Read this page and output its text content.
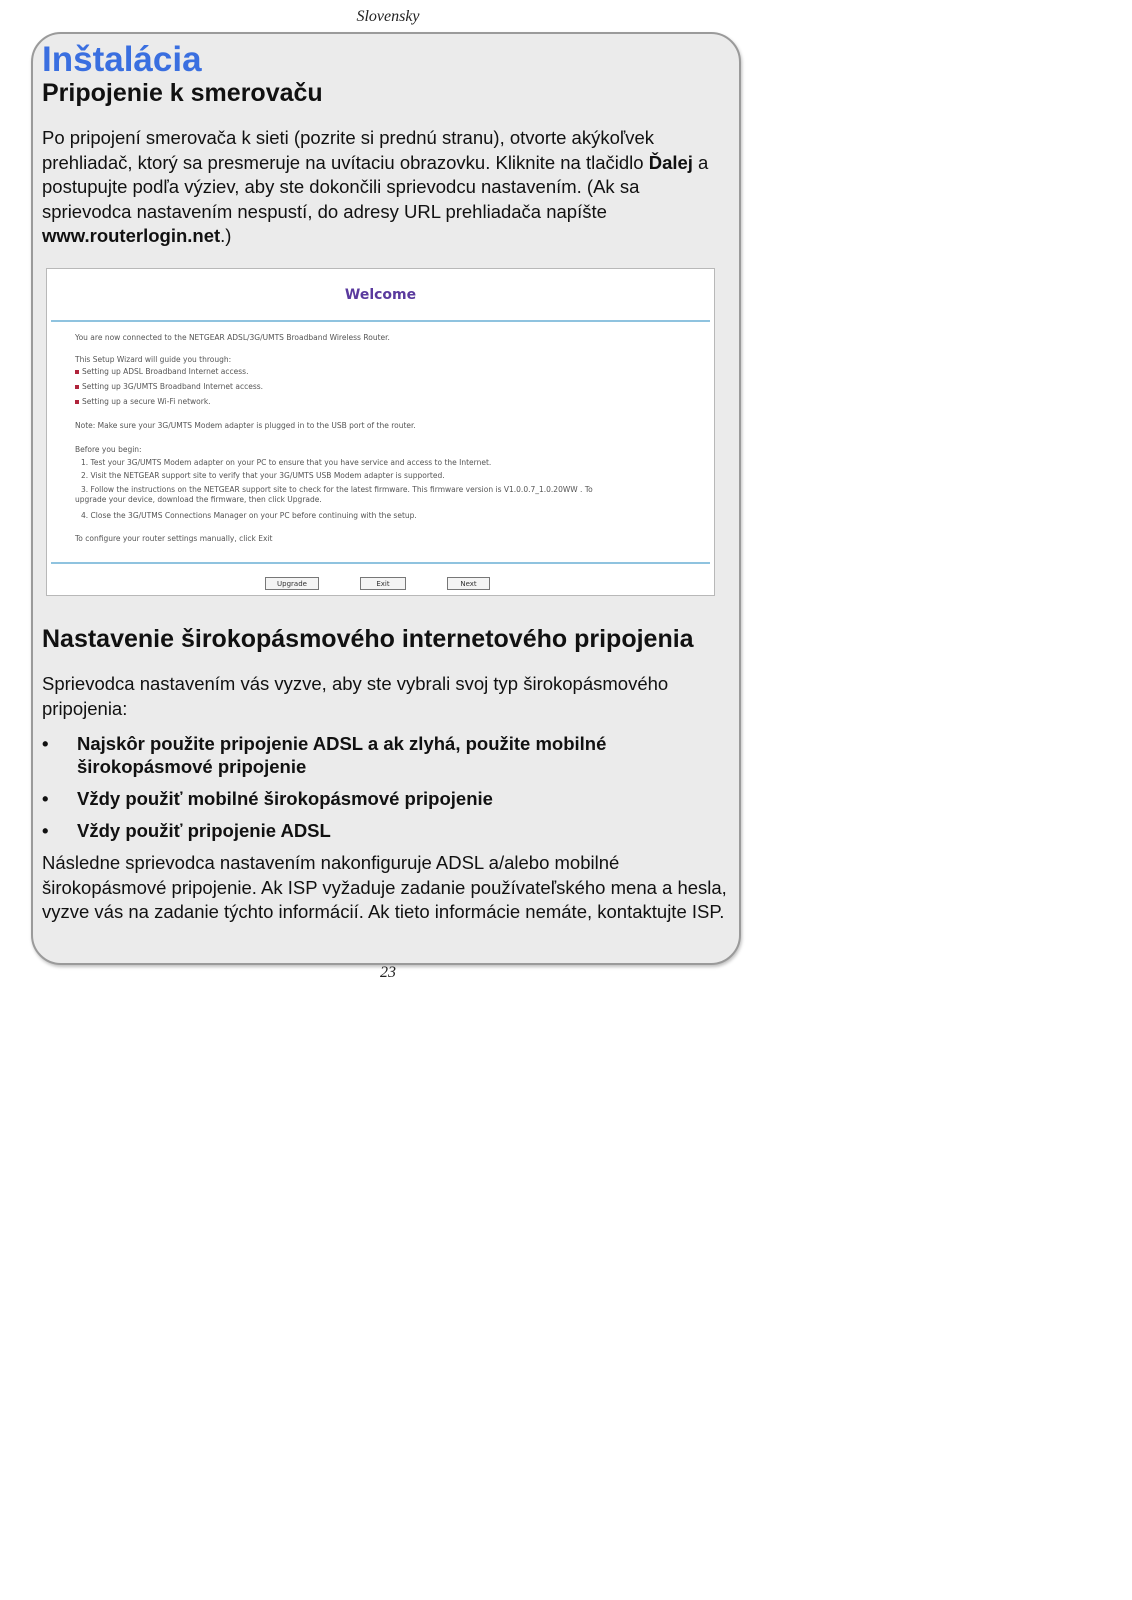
Slovensky
Inštalácia
Pripojenie k smerovaču

Po pripojení smerovača k sieti (pozrite si prednú stranu), otvorte akýkoľvek prehliadač, ktorý sa presmeruje na uvítaciu obrazovku. Kliknite na tlačidlo Ďalej a postupujte podľa výziev, aby ste dokončili sprievodcu nastavením. (Ak sa sprievodca nastavením nespustí, do adresy URL prehliadača napíšte www.routerlogin.net.)

Welcome
You are now connected to the NETGEAR ADSL/3G/UMTS Broadband Wireless Router.
This Setup Wizard will guide you through:
Setting up ADSL Broadband Internet access.
Setting up 3G/UMTS Broadband Internet access.
Setting up a secure Wi-Fi network.
Note: Make sure your 3G/UMTS Modem adapter is plugged in to the USB port of the router.
Before you begin:
1. Test your 3G/UMTS Modem adapter on your PC to ensure that you have service and access to the Internet.
2. Visit the NETGEAR support site to verify that your 3G/UMTS USB Modem adapter is supported.
3. Follow the instructions on the NETGEAR support site to check for the latest firmware. This firmware version is V1.0.0.7_1.0.20WW . To
upgrade your device, download the firmware, then click Upgrade.
4. Close the 3G/UTMS Connections Manager on your PC before continuing with the setup.
To configure your router settings manually, click Exit
Upgrade	Exit	Next
Nastavenie širokopásmového internetového pripojenia

Sprievodca nastavením vás vyzve, aby ste vybrali svoj typ širokopásmového pripojenia:

• Najskôr použite pripojenie ADSL a ak zlyhá, použite mobilné širokopásmové pripojenie
• Vždy použiť mobilné širokopásmové pripojenie
• Vždy použiť pripojenie ADSL

Následne sprievodca nastavením nakonfiguruje ADSL a/alebo mobilné širokopásmové pripojenie. Ak ISP vyžaduje zadanie používateľského mena a hesla, vyzve vás na zadanie týchto informácií. Ak tieto informácie nemáte, kontaktujte ISP.

23
